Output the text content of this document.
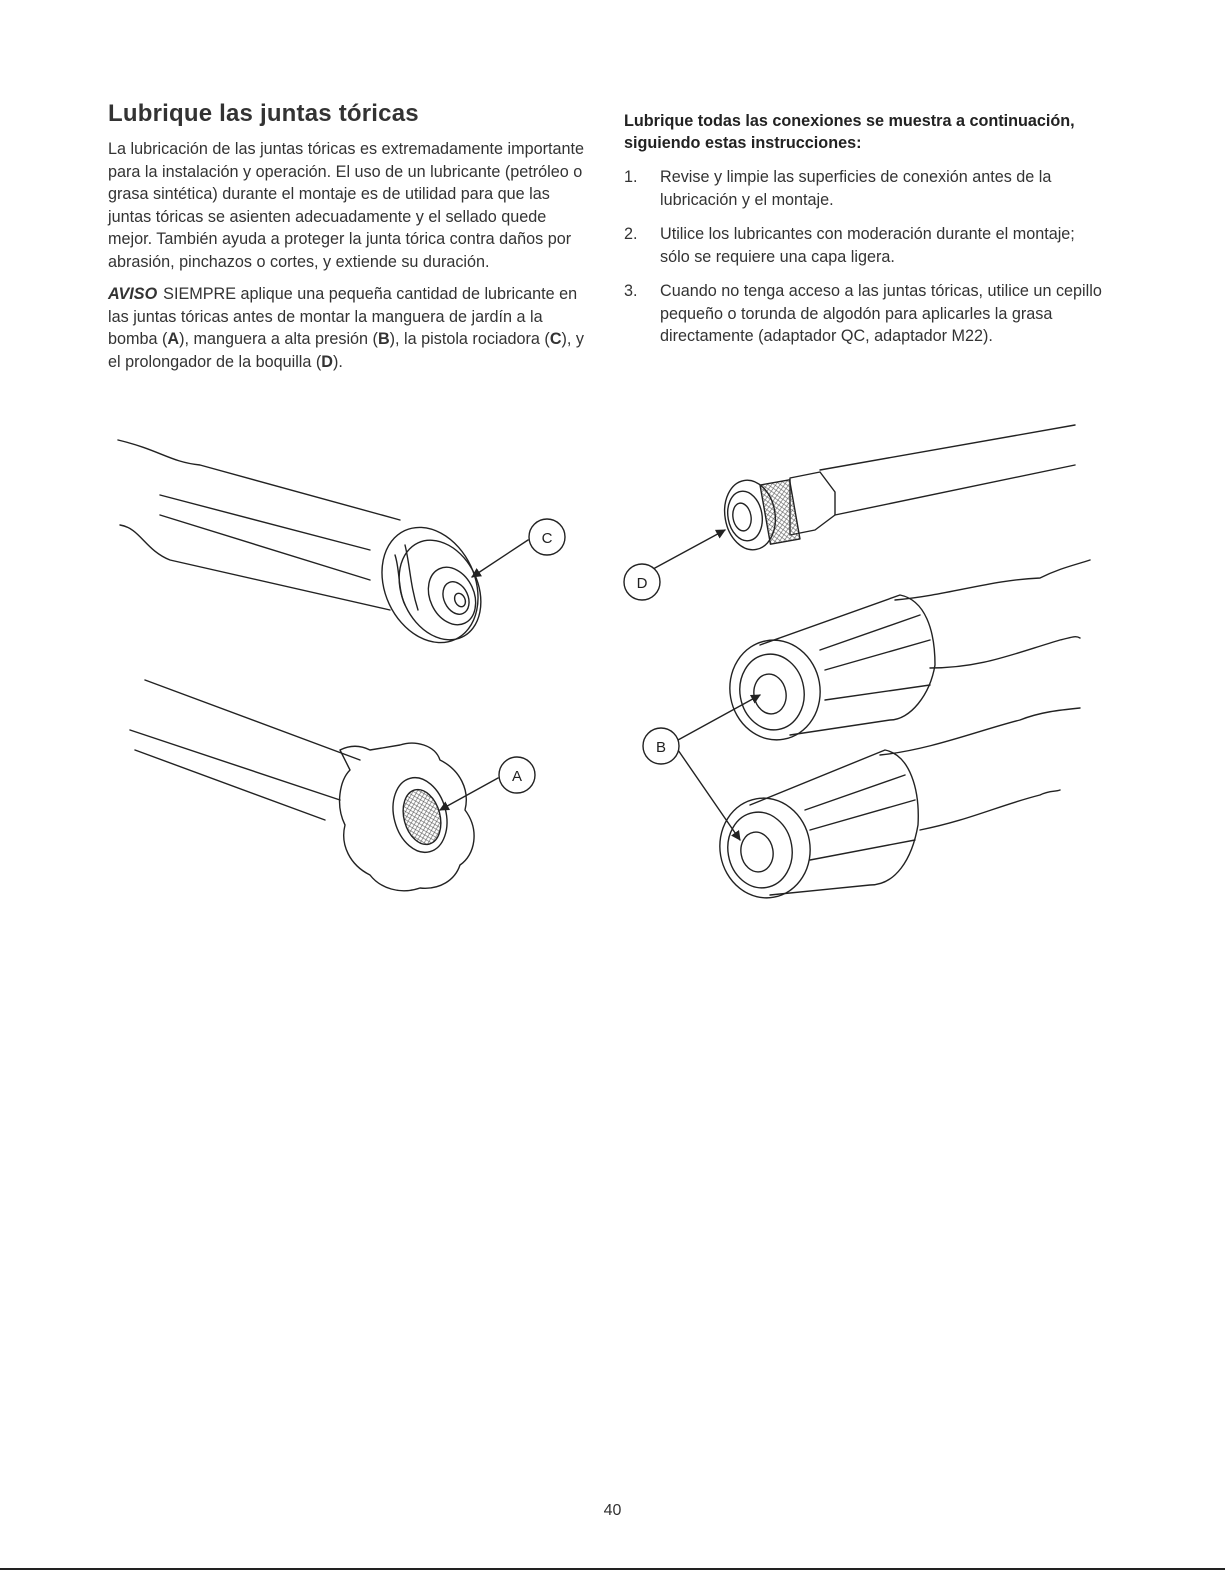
Lubrique las juntas tóricas

La lubricación de las juntas tóricas es extremadamente importante para la instalación y operación. El uso de un lubricante (petróleo o grasa sintética) durante el montaje es de utilidad para que las juntas tóricas se asienten adecuadamente y el sellado quede mejor. También ayuda a proteger la junta tórica contra daños por abrasión, pinchazos o cortes, y extiende su duración.

AVISO SIEMPRE aplique una pequeña cantidad de lubricante en las juntas tóricas antes de montar la manguera de jardín a la bomba (A), manguera a alta presión (B), la pistola rociadora (C), y el prolongador de la boquilla (D).

Lubrique todas las conexiones se muestra a continuación, siguiendo estas instrucciones:
1. Revise y limpie las superficies de conexión antes de la lubricación y el montaje.
2. Utilice los lubricantes con moderación durante el montaje; sólo se requiere una capa ligera.
3. Cuando no tenga acceso a las juntas tóricas, utilice un cepillo pequeño o torunda de algodón para aplicarles la grasa directamente (adaptador QC, adaptador M22).
C
A
D
B
40
